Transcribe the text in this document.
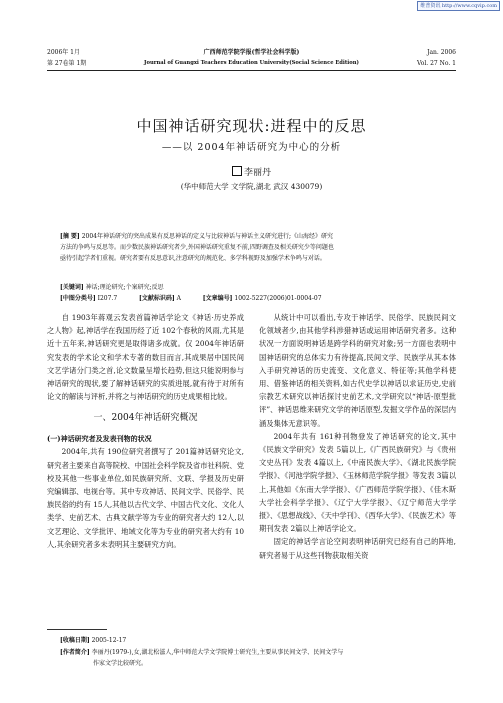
维普资讯 http://www.cqvip.com
2006年 1月
第 27卷第 1期
广西师范学院学报(哲学社会科学版)
Journal of Guangxi Teachers Education University(Social Science Edition)
Jan. 2006
Vol. 27 No. 1
中国神话研究现状:进程中的反思
——以 2004年神话研究为中心的分析
李丽丹
(华中师范大学 文学院,湖北 武汉 430079)
[摘 要] 2004年神话研究的突出成果有反思神话的定义与比较神话与神话主义研究进行;《山海经》研究
方法的争鸣与反思等。而少数民族神话研究者少,外国神话研究重复不前,四野调查及相关研究少等问题也
亟待引起学者们重视。研究者要有反思意识,注意研究的规范化、多学科视野及加强学术争鸣与对话。
[关键词] 神话;理论研究;个案研究;反思
[中图分类号] I207.7	[文献标识码] A	[文章编号] 1002-5227(2006)01-0004-07

自 1903年蒋观云发表首篇神话学论文《神话·历史养成之人物》起,神话学在我国历经了近 102个春秋的风雨,尤其是近十五年来,神话研究更是取得诸多成就。仅 2004年神话研究发表的学术论文和学术专著的数目而言,其成果居中国民间文艺学诸分门类之首,论文数量呈增长趋势,但这只能说明参与神话研究的现状,要了解神话研究的实质进展,就有待于对所有论文的解读与评析,并将之与神话研究的历史成果相比较。

一、2004年神话研究概况
(一)神话研究者及发表刊物的状况

2004年,共有 190位研究者撰写了 201篇神话研究论文,研究者主要来自高等院校、中国社会科学院及省市社科院、党校及其他一些事业单位,如民族研究所、文联、学报及历史研究编辑部、电视台等。其中专攻神话、民间文学、民俗学、民族民俗的约有 15人,其他以古代文学、中国古代文化、文化人类学、史前艺术、古典文献学等为专业的研究者大约 12人,以文艺理论、文学批评、地域文化等为专业的研究者大约有 10人,其余研究者多未表明其主要研究方向。

从统计中可以看出,专攻于神话学、民俗学、民族民间文化领域者少,由其他学科涉猎神话或运用神话研究者多。这种状况一方面说明神话是跨学科的研究对象;另一方面也表明中国神话研究的总体实力有待提高,民间文学、民族学从其本体入手研究神话的历史流变、文化意义、特征等;其他学科使用、借鉴神话的相关资料,如古代史学以神话以求证历史,史前宗教艺术研究以神话探讨史前艺术,文学研究以“神话-原型批评”、神话思维来研究文学的神话原型,发掘文学作品的深层内涵及集体无意识等。

2004年共有 161种刊物登发了神话研究的论文,其中《民族文学研究》发表 5篇以上,《广西民族研究》与《贵州文史丛刊》发表 4篇以上,《中南民族大学》、《湖北民族学院学报》、《河池学院学报》、《玉林师范学院学报》等发表 3篇以上,其他如《东南大学学报》、《广西师范学院学报》、《佳木斯大学社会科学学报》、《辽宁大学学报》、《辽宁师范大学学报》、《思想战线》、《天中学刊》、《西华大学》、《民族艺术》等期刊发表 2篇以上神话学论文。

固定的神话学言论空间表明神话研究已经有自己的阵地,研究者易于从这些刊物获取相关资

[收稿日期] 2005-12-17
[作者简介] 李丽丹(1979-),女,湖北松滋人,华中师范大学文学院博士研究生,主要从事民间文学、民间文学与
作家文学比较研究。
